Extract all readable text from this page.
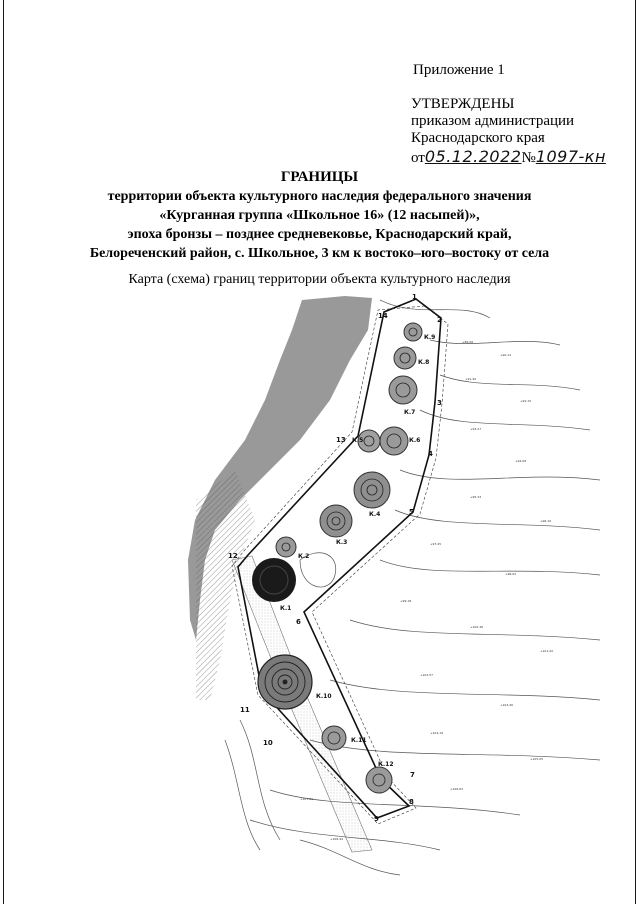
Приложение 1
УТВЕРЖДЕНЫ
приказом администрации
Краснодарского края
от05.12.2022№1097-кн
ГРАНИЦЫ
территории объекта культурного наследия федерального значения
«Курганная группа «Школьное 16» (12 насыпей)»,
эпоха бронзы – позднее средневековье, Краснодарский край,
Белореченский район, с. Школьное, 3 км к востоко–юго–востоку от села
Карта (схема) границ территории объекта культурного наследия
К.1
К.2
К.3
К.4
К.5	К.6
К.7
К.8
К.9
К.10
К.11
К.12
1
2
3
4
5
6
7
8
9
10
11
12
13
14
+89,06
+90,12
+91,40
+92,15
+93,27
+94,08
+95,33
+96,10
+97,45
+98,02
+99,18
+100,36
+101,22
+102,57
+103,40
+104,19
+105,05
+106,63
+107,21
+108,44
